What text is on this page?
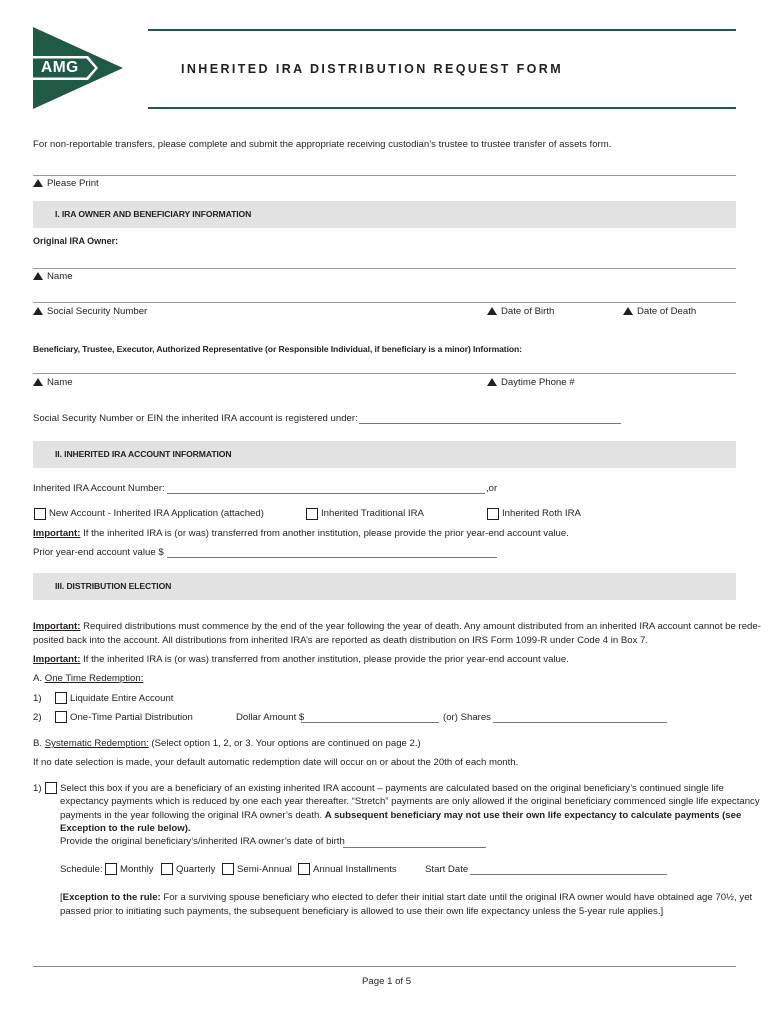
AMG	INHERITED IRA DISTRIBUTION REQUEST FORM
For non-reportable transfers, please complete and submit the appropriate receiving custodian’s trustee to trustee transfer of assets form.
Please Print
I. IRA OWNER AND BENEFICIARY INFORMATION
Original IRA Owner:
Name
Social Security Number	Date of Birth	Date of Death
Beneficiary, Trustee, Executor, Authorized Representative (or Responsible Individual, if beneficiary is a minor) Information:
Name	Daytime Phone #
Social Security Number or EIN the inherited IRA account is registered under:
II. INHERITED IRA ACCOUNT INFORMATION
Inherited IRA Account Number:	,or
New Account - Inherited IRA Application (attached)	Inherited Traditional IRA	Inherited Roth IRA
Important: If the inherited IRA is (or was) transferred from another institution, please provide the prior year-end account value.
Prior year-end account value $
III. DISTRIBUTION ELECTION
Important: Required distributions must commence by the end of the year following the year of death. Any amount distributed from an inherited IRA account cannot be rede-
posited back into the account. All distributions from inherited IRA’s are reported as death distribution on IRS Form 1099-R under Code 4 in Box 7.
Important: If the inherited IRA is (or was) transferred from another institution, please provide the prior year-end account value.
A. One Time Redemption:
1)	Liquidate Entire Account
2)	One-Time Partial Distribution	Dollar Amount $	(or) Shares
B. Systematic Redemption: (Select option 1, 2, or 3. Your options are continued on page 2.)
If no date selection is made, your default automatic redemption date will occur on or about the 20th of each month.
1) Select this box if you are a beneficiary of an existing inherited IRA account – payments are calculated based on the original beneficiary’s continued single life
expectancy payments which is reduced by one each year thereafter. “Stretch” payments are only allowed if the original beneficiary commenced single life expectancy
payments in the year following the original IRA owner’s death. A subsequent beneficiary may not use their own life expectancy to calculate payments (see
Exception to the rule below).
Provide the original beneficiary’s/inherited IRA owner’s date of birth
Schedule: Monthly Quarterly Semi-Annual Annual Installments	Start Date
[Exception to the rule: For a surviving spouse beneficiary who elected to defer their initial start date until the original IRA owner would have obtained age 70½, yet
passed prior to initiating such payments, the subsequent beneficiary is allowed to use their own life expectancy unless the 5-year rule applies.]
Page 1 of 5
